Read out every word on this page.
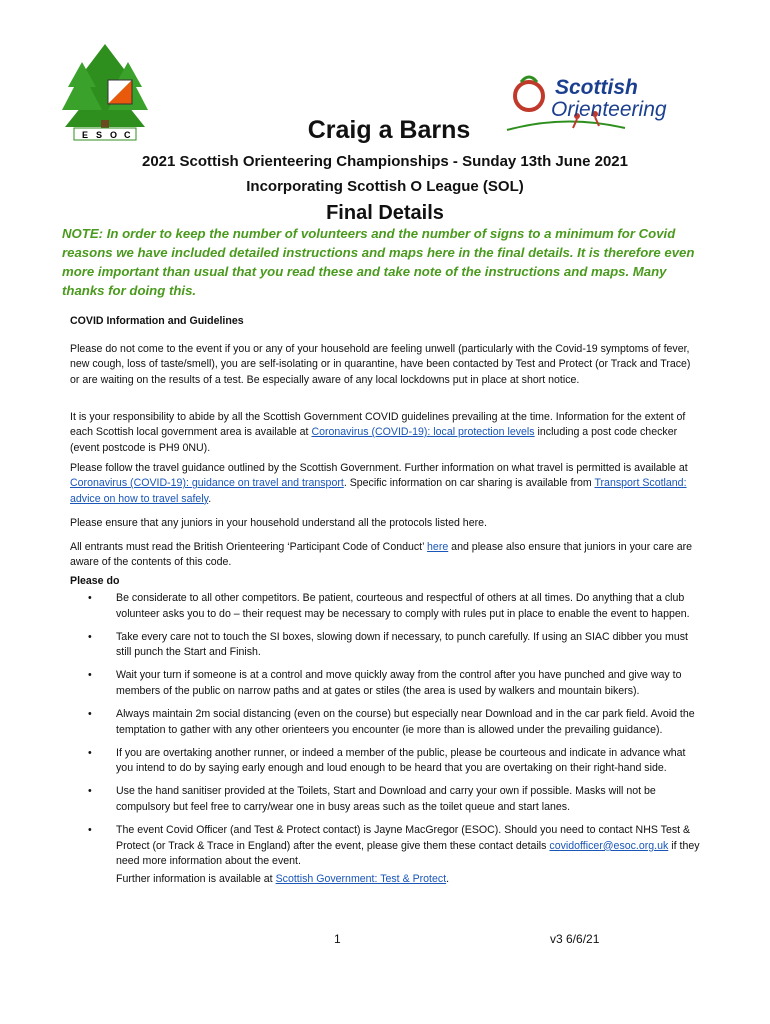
E S O C
Scottish
Orienteering
Craig a Barns
2021 Scottish Orienteering Championships - Sunday 13th June 2021
Incorporating Scottish O League (SOL)
Final Details
NOTE: In order to keep the number of volunteers and the number of signs to a minimum for Covid reasons we have included detailed instructions and maps here in the final details. It is therefore even more important than usual that you read these and take note of the instructions and maps. Many thanks for doing this.
COVID Information and Guidelines

Please do not come to the event if you or any of your household are feeling unwell (particularly with the Covid-19 symptoms of fever, new cough, loss of taste/smell), you are self-isolating or in quarantine, have been contacted by Test and Protect (or Track and Trace) or are waiting on the results of a test. Be especially aware of any local lockdowns put in place at short notice.

It is your responsibility to abide by all the Scottish Government COVID guidelines prevailing at the time. Information for the extent of each Scottish local government area is available at Coronavirus (COVID-19): local protection levels including a post code checker (event postcode is PH9 0NU).

Please follow the travel guidance outlined by the Scottish Government. Further information on what travel is permitted is available at Coronavirus (COVID-19): guidance on travel and transport. Specific information on car sharing is available from Transport Scotland: advice on how to travel safely.

Please ensure that any juniors in your household understand all the protocols listed here.

All entrants must read the British Orienteering ‘Participant Code of Conduct’ here and please also ensure that juniors in your care are aware of the contents of this code.

Please do
• Be considerate to all other competitors. Be patient, courteous and respectful of others at all times. Do anything that a club volunteer asks you to do – their request may be necessary to comply with rules put in place to enable the event to happen.
• Take every care not to touch the SI boxes, slowing down if necessary, to punch carefully. If using an SIAC dibber you must still punch the Start and Finish.
• Wait your turn if someone is at a control and move quickly away from the control after you have punched and give way to members of the public on narrow paths and at gates or stiles (the area is used by walkers and mountain bikers).
• Always maintain 2m social distancing (even on the course) but especially near Download and in the car park field. Avoid the temptation to gather with any other orienteers you encounter (ie more than is allowed under the prevailing guidance).
• If you are overtaking another runner, or indeed a member of the public, please be courteous and indicate in advance what you intend to do by saying early enough and loud enough to be heard that you are overtaking on their right-hand side.
• Use the hand sanitiser provided at the Toilets, Start and Download and carry your own if possible. Masks will not be compulsory but feel free to carry/wear one in busy areas such as the toilet queue and start lanes.
• The event Covid Officer (and Test & Protect contact) is Jayne MacGregor (ESOC). Should you need to contact NHS Test & Protect (or Track & Trace in England) after the event, please give them these contact details covidofficer@esoc.org.uk if they need more information about the event.
Further information is available at Scottish Government: Test & Protect.
1	v3 6/6/21
